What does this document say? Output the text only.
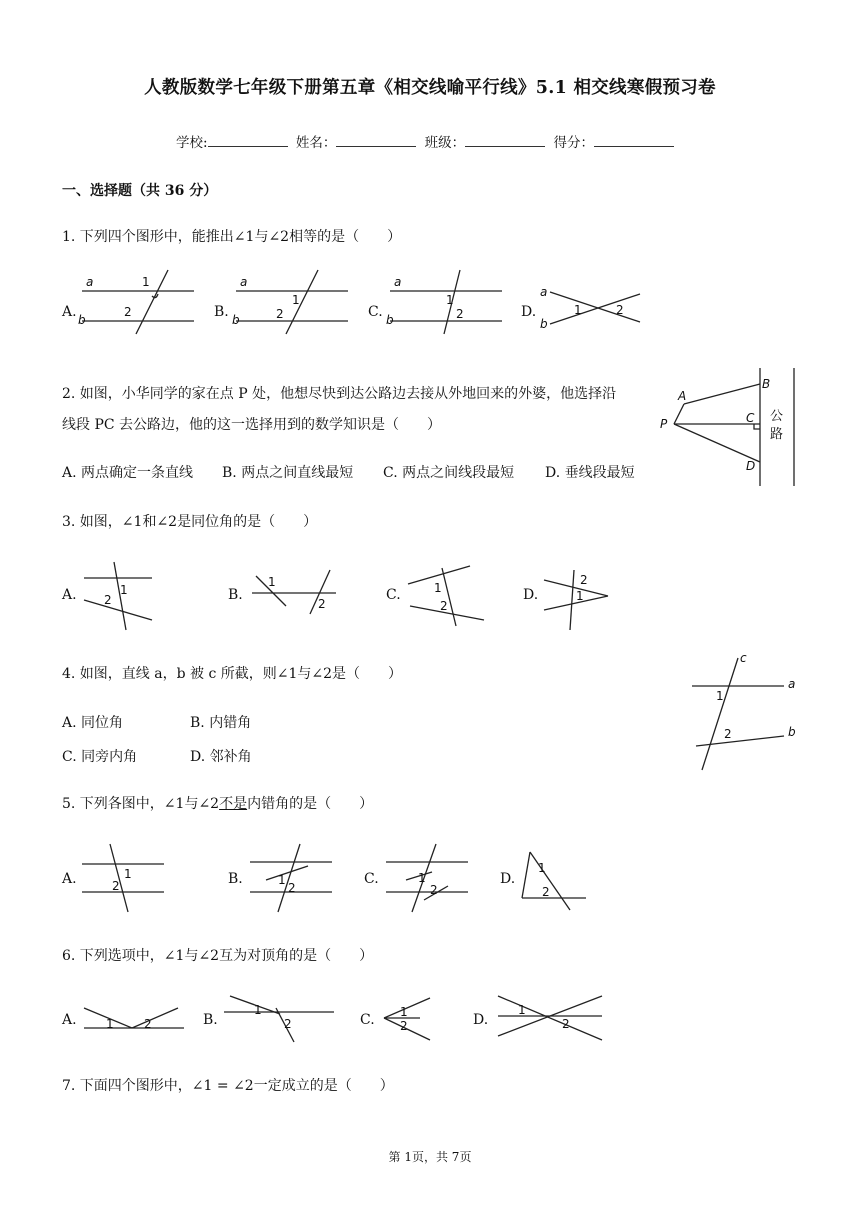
人教版数学七年级下册第五章《相交线喻平行线》5.1 相交线寒假预习卷
学校:	姓名：	班级：	得分：
一、选择题（共 36 分）
1. 下列四个图形中，能推出∠1与∠2相等的是（　　）
A.	B.	C.	D.
a
b
1
2
a
b
1
2
a
b
1
2
a
b
1	2
2. 如图，小华同学的家在点 P 处，他想尽快到达公路边去接从外地回来的外婆，他选择沿
线段 PC 去公路边，他的这一选择用到的数学知识是（　　）
A. 两点确定一条直线 B. 两点之间直线最短 C. 两点之间线段最短 D. 垂线段最短
A
B
C
D
P	公
路
3. 如图，∠1和∠2是同位角的是（　　）
A.	B.	C.	D.
1
2
1
2
1
2
2
1
4. 如图，直线 a，b 被 c 所截，则∠1与∠2是（　　）
A. 同位角	B. 内错角
C. 同旁内角	D. 邻补角
c
a
b
1
2
5. 下列各图中，∠1与∠2不是内错角的是（　　）
A.	B.	C.	D.
1
2	1
2
1
2
1
2
6. 下列选项中，∠1与∠2互为对顶角的是（　　）
A.	B.	C.	D.
1	2
1
2
1
2
1
2
7. 下面四个图形中，∠1 = ∠2一定成立的是（　　）
第 1页，共 7页
